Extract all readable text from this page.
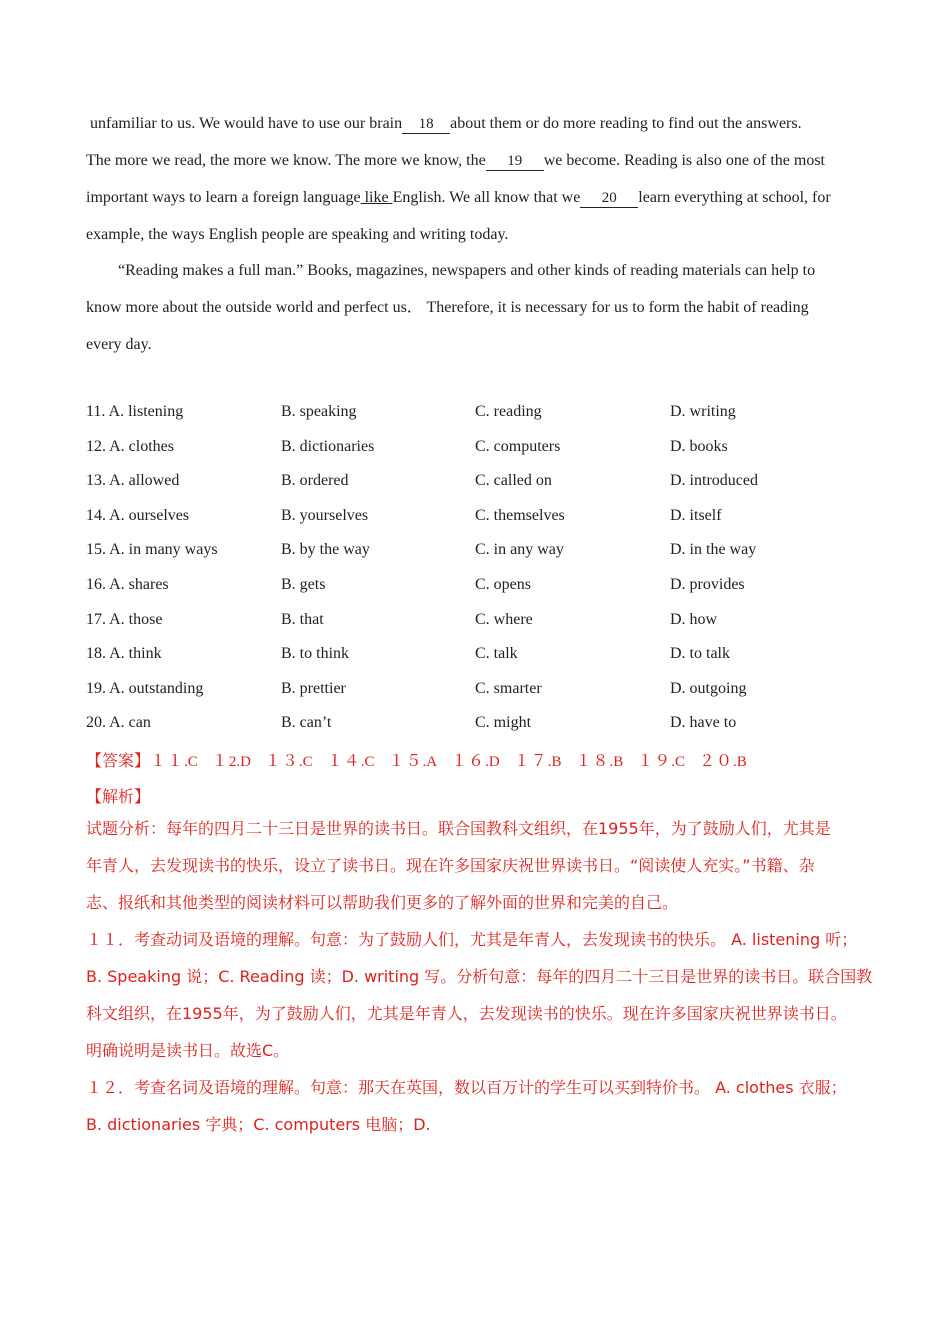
unfamiliar to us. We would have to use our brain 18 about them or do more reading to find out the answers.
The more we read, the more we know. The more we know, the 19 we become. Reading is also one of the most
important ways to learn a foreign language like English. We all know that we 20 learn everything at school, for
example, the ways English people are speaking and writing today.
“Reading makes a full man.” Books, magazines, newspapers and other kinds of reading materials can help to
know more about the outside world and perfect us． Therefore, it is necessary for us to form the habit of reading
every day.
11. A. listening	B. speaking	C. reading	D. writing
12. A. clothes	B. dictionaries	C. computers	D. books
13. A. allowed	B. ordered	C. called on	D. introduced
14. A. ourselves	B. yourselves	C. themselves	D. itself
15. A. in many ways	B. by the way	C. in any way	D. in the way
16. A. shares	B. gets	C. opens	D. provides
17. A. those	B. that	C. where	D. how
18. A. think	B. to think	C. talk	D. to talk
19. A. outstanding	B. prettier	C. smarter	D. outgoing
20. A. can	B. can’t	C. might	D. have to
【答案】１１.C １2.D １３.C １４.C １５.A １６.D １７.B １８.B １９.C ２０.B
【解析】
试题分析：每年的四月二十三日是世界的读书日。联合国教科文组织，在1955年，为了鼓励人们，尤其是
年青人，去发现读书的快乐，设立了读书日。现在许多国家庆祝世界读书日。“阅读使人充实。”书籍、杂
志、报纸和其他类型的阅读材料可以帮助我们更多的了解外面的世界和完美的自己。
１１．考查动词及语境的理解。句意：为了鼓励人们，尤其是年青人，去发现读书的快乐。 A. listening 听；
B. Speaking 说；C. Reading 读；D. writing 写。分析句意：每年的四月二十三日是世界的读书日。联合国教
科文组织，在1955年，为了鼓励人们，尤其是年青人，去发现读书的快乐。现在许多国家庆祝世界读书日。
明确说明是读书日。故选C。
１２．考查名词及语境的理解。句意：那天在英国，数以百万计的学生可以买到特价书。 A. clothes 衣服；
B. dictionaries 字典；C. computers 电脑；D.
